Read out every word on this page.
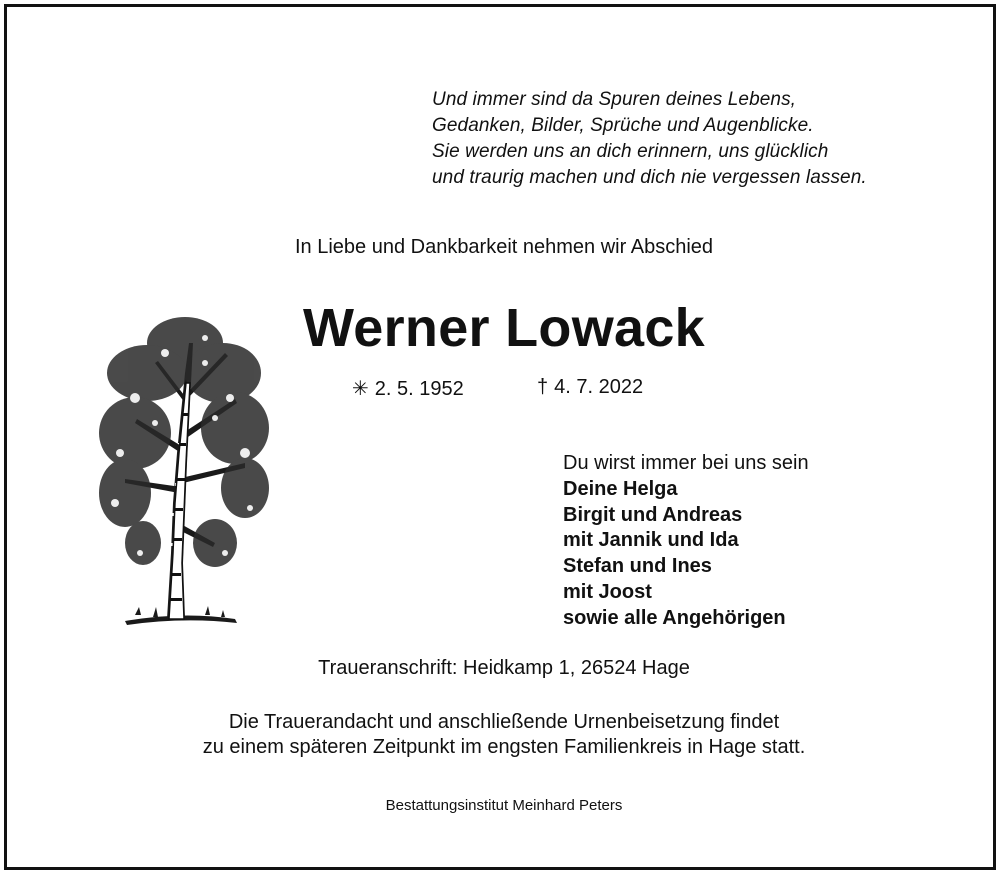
Und immer sind da Spuren deines Lebens,
Gedanken, Bilder, Sprüche und Augenblicke.
Sie werden uns an dich erinnern, uns glücklich
und traurig machen und dich nie vergessen lassen.
In Liebe und Dankbarkeit nehmen wir Abschied
Werner Lowack
✳ 2. 5. 1952	† 4. 7. 2022
Du wirst immer bei uns sein
Deine Helga
Birgit und Andreas
mit Jannik und Ida
Stefan und Ines
mit Joost
sowie alle Angehörigen
Traueranschrift: Heidkamp 1, 26524 Hage
Die Trauerandacht und anschließende Urnenbeisetzung findet
zu einem späteren Zeitpunkt im engsten Familienkreis in Hage statt.
Bestattungsinstitut Meinhard Peters
